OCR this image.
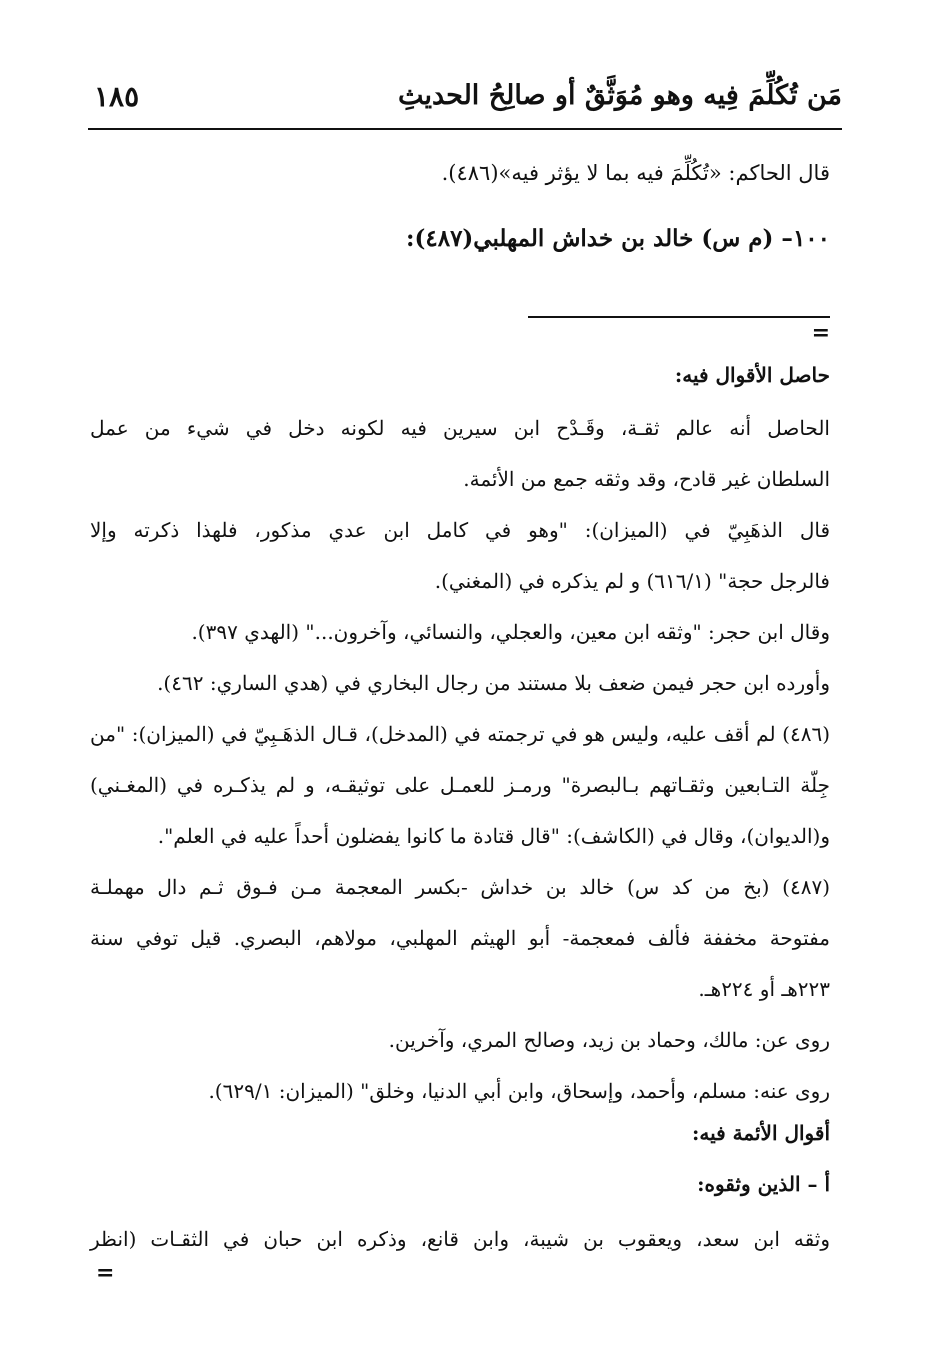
مَن تُكُلِّمَ فِيه وهو مُوَثَّقٌ أو صالِحُ الحديثِ
١٨٥
قال الحاكم: «تُكُلِّمَ فيه بما لا يؤثر فيه»(٤٨٦).
١٠٠– (م س) خالد بن خداش المهلبي(٤٨٧):
=
حاصل الأقوال فيه:
الحاصل أنه عالم ثقـة، وقَـدْح ابن سيرين فيه لكونه دخل في شيء من عمل
السلطان غير قادح، وقد وثقه جمع من الأئمة.
قال الذهَبِيّ في (الميزان): "وهو في كامل ابن عدي مذكور، فلهذا ذكرته وإلا
فالرجل حجة" (٦١٦/١) و لم يذكره في (المغني).
وقال ابن حجر: "وثقه ابن معين، والعجلي، والنسائي، وآخرون..." (الهدي ٣٩٧).
وأورده ابن حجر فيمن ضعف بلا مستند من رجال البخاري في (هدي الساري: ٤٦٢).
(٤٨٦) لم أقف عليه، وليس هو في ترجمته في (المدخل)، قـال الذهَـبِيّ في (الميزان): "من
جِلّة التـابعين وثقـاتهم بـالبصرة" ورمـز للعمـل على توثيقـه، و لم يذكـره في (المغـني)
و(الديوان)، وقال في (الكاشف): "قال قتادة ما كانوا يفضلون أحداً عليه في العلم".
(٤٨٧) (بخ من كد س) خالد بن خداش -بكسر المعجمة مـن فـوق ثـم دال مهملـة
مفتوحة مخففة فألف فمعجمة- أبو الهيثم المهلبي، مولاهم، البصري. قيل توفي سنة
٢٢٣هـ أو ٢٢٤هـ.
روى عن: مالك، وحماد بن زيد، وصالح المري، وآخرين.
روى عنه: مسلم، وأحمد، وإسحاق، وابن أبي الدنيا، وخلق" (الميزان: ٦٢٩/١).
أقوال الأئمة فيه:
أ – الذين وثقوه:
وثقه ابن سعد، ويعقوب بن شيبة، وابن قانع، وذكره ابن حبان في الثقـات (انظر
=
